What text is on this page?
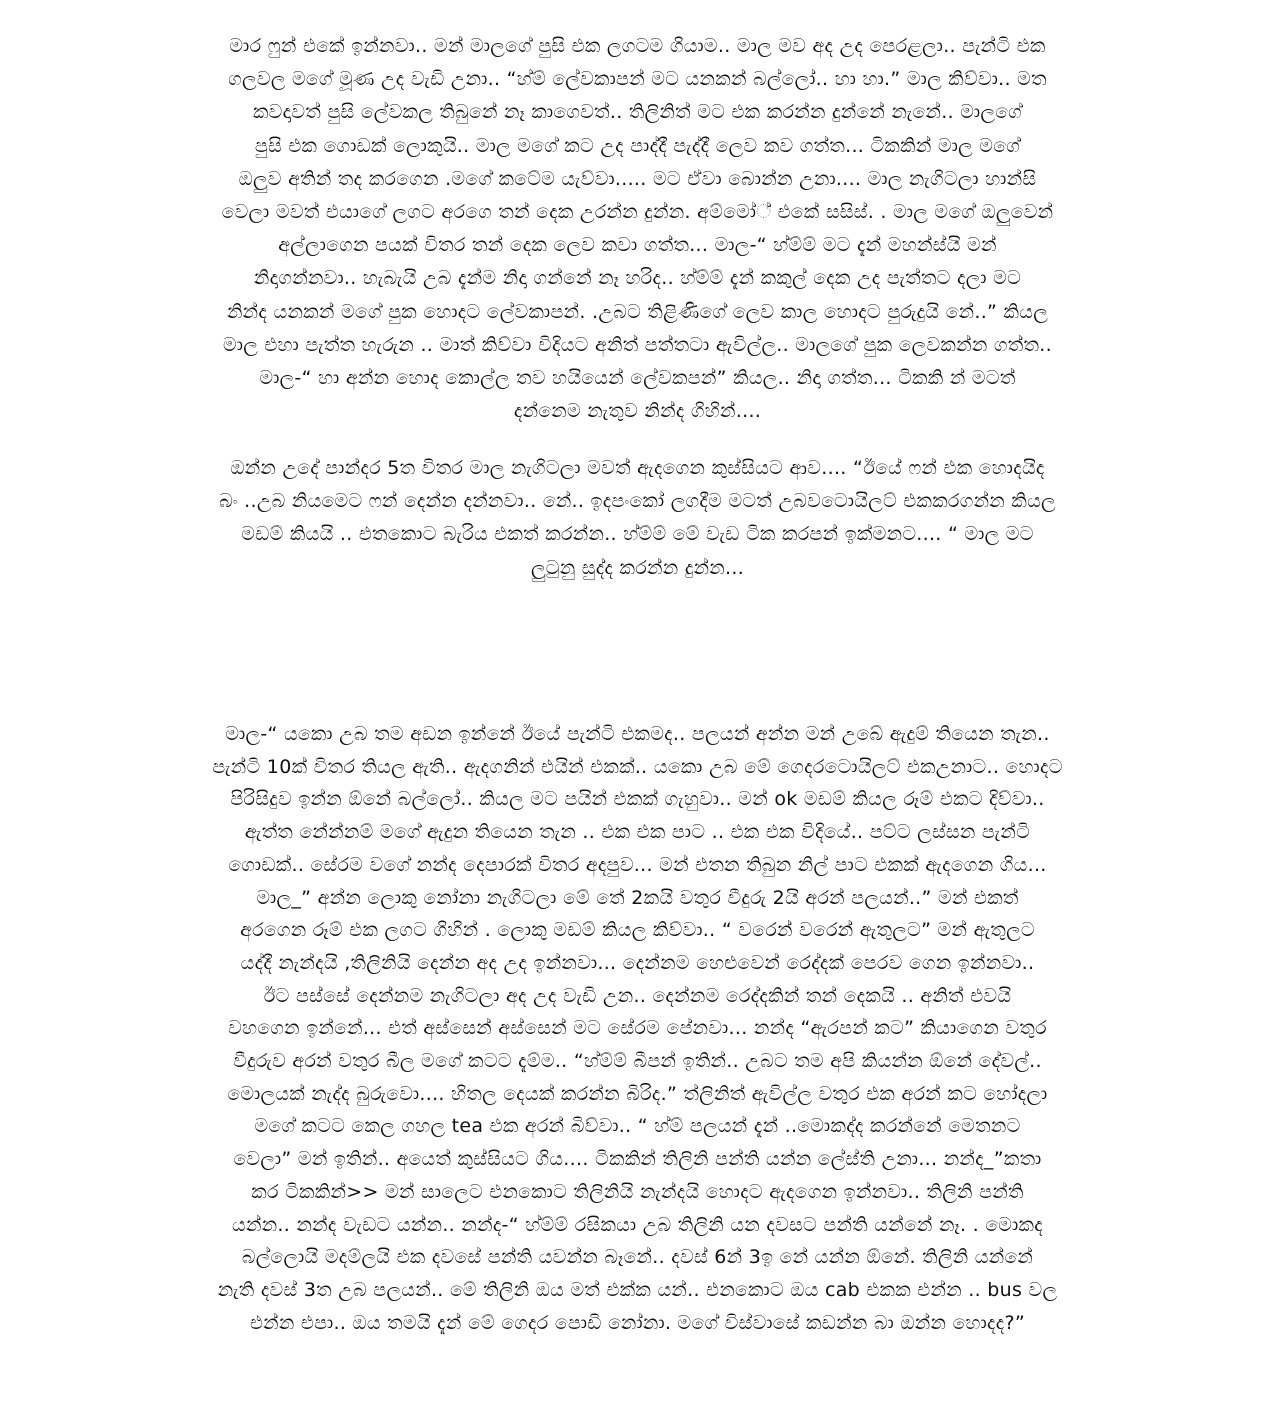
මාර ෆුන් එකේ ඉන්නවා.. මන් මාලගේ පුසි එක ලගටම ගියාම.. මාල මව අද උද පෙරළලා.. පැන්ටි එක
ගලවල මගේ මූණ උද වැඩි උනා.. “හ්ම් ලේවකාපන් මට යනකන් බල්ලෝ.. හා හා.” මාල කිව්වා.. මත
කවදාවත් පුසි ලේවකල තිබුනේ නෑ කාගෙවත්.. තිලිනිත් මට එක කරන්න දුන්නේ නැනේ.. මාලගේ
පුසි එක ගොඩක් ලොකුයි.. මාල මගේ කට උද පාද්දී පැද්දී ලෙව කව ගත්ත... ටිකකින් මාල මගේ
ඔලුව අතින් තද කරගෙන .මගේ කටේම යැව්වා..... මට ඒවා බොන්න උනා.... මාල නැගිටලා හාන්සි
වෙලා මවත් එයාගේ ලගට අරගෙ තන් දෙක උරන්න දුන්න. අම්මෝ් එකේ සසිස්. . මාල මගේ ඔලුවෙන්
අල්ලාගෙන පයක් විතර තන් දෙක ලෙව කවා ගත්ත... මාල-“ හ්ම්ම් මට දැන් මහන්ස්යි මන්
නිදාගන්නවා.. හැබැයි උබ දැන්ම නිදා ගන්නේ නෑ හරිද.. හ්ම්ම් දැන් කකුල් දෙක උද පැත්තට දලා මට
නින්ද යනකන් මගේ පුක හොදට ලේවකාපන්. .උබට තිළිණිගේ ලෙව කාල හොදට පුරුදුයි නේ..” කියල
මාල එහා පැත්ත හැරුන .. මාත් කිව්වා විදියට අනිත් පත්තටා ඇවිල්ල.. මාලගේ පුක ලෙවකන්න ගත්ත..
මාල-“ හා අන්න හොද කොල්ල තව හයියෙන් ලේවකපන්” කියල.. නිදා ගත්ත... ටිකකි න් මටත්
දන්නෙම නැතුව නින්ද ගිහින්....
ඔන්න උදේ පාන්දර 5ත විතර මාල නැගිටලා මවත් ඇදගෙන කුස්සියට ආව.... “ඊයේ ෆන් එක හොදයිද
බං ..උබ නියමෙට ෆන් දෙන්න දන්නවා.. නේ.. ඉදපංකෝ ලගදීම මටත් උබවටොයිලට් එකකරගන්න කියල
මඩම් කියයි .. එතකොට බැරිය එකත් කරන්න.. හ්ම්ම් මේ වැඩ ටික කරපන් ඉක්මනට.... “ මාල මට
ලුටුනු සුද්ද කරන්න දුන්න...
මාල-“ යකො උබ තම අඩන ඉන්නේ ඊයේ පැන්ටි එකමද.. පලයන් අන්න මන් උබේ ඇදුම් තියෙන තැන..
පැන්ටි 10ක් විතර තියල ඇති.. ඇදගනින් එයින් එකක්.. යකො උබ මේ ගෙදරටොයිලට් එකඋනාට.. හොදට
පිරිසිදුව ඉන්න ඕනේ බල්ලෝ.. කියල මට පයින් එකක් ගැහුවා.. මන් ok මඩම් කියල රූම් එකට දිව්වා..
ඇත්ත නේන්නම් මගේ ඇදුන තියෙන තැන .. එක එක පාට .. එක එක විදියේ.. පට්ට ලස්සන පැන්ටි
ගොඩක්.. සේරම වගේ නන්ද දෙපාරක් විතර අදපුව... මන් එතන තිබුන නිල් පාට එකක් ඇදගෙන ගිය...
මාල_” අන්න ලොකු නෝනා නැගිටලා මේ තේ 2කයි වතුර වීදුරු 2යි අරන් පලයන්..” මන් එකත්
අරගෙන රූම් එක ලගට ගිහින් . ලොකු මඩම් කියල කිව්වා.. “ වරෙන් වරෙන් ඇතුලට” මන් ඇතුලට
යද්දී නැන්දයි ,තිලිනියි දෙන්න අද උද ඉන්නවා... දෙන්නම හෙළුවෙන් රෙද්දක් පෙරව ගෙන ඉන්නවා..
ඊට පස්සේ දෙන්නම නැගිටලා අද උද වැඩි උන.. දෙන්නම රෙද්දකින් තන් දෙකයි .. අනිත් එවයි
වහගෙන ඉන්නේ... එත් අස්සෙන් අස්සෙන් මට සේරම පේනවා... නන්ද “ඇරපන් කට” කියාගෙන වතුර
වීදුරුව අරන් වතුර බීල මගේ කටට දැම්ම.. “හ්ම්ම් බීපන් ඉතින්.. උබට තම අපි කියන්න ඕනේ දේවල්..
මොලයක් නැද්ද බුරුවො.... හිතල දෙයක් කරන්න බිරිද.” ත්ලිනිත් ඇවිල්ල වතුර එක අරන් කට හෝදලා
මගේ කටට කෙල ගහල tea එක අරන් බිව්වා.. “ හ්ම් පලයන් දැන් ..මොකද්ද කරන්නේ මෙතනට
වෙලා” මන් ඉතින්.. අයෙත් කුස්සියට ගිය.... ටිකකින් තිලිනි පන්ති යන්න ලේස්ති උනා... නන්ද_”කතා
කර ටිකකින්>> මන් සාලෙට එනකොට තිලිනියි නැන්දයි හොදට ඇදගෙන ඉන්නවා.. තිලිනි පන්ති
යන්න.. නන්ද වැඩට යන්න.. නන්ද-“ හ්ම්ම් රසිකයා උබ තිලිනි යන දවසට පන්ති යන්නේ නෑ. . මොකද
බල්ලොයි මදම්ලයි එක දවසේ පන්ති යවන්න බෑනේ.. දවස් 6න් 3ඉ නේ යන්න ඕනේ. තිලිනි යන්නේ
නැති දවස් 3ත උබ පලයන්.. මේ තිලිනි ඔය මත් එක්ක යන්.. එනකොට ඔය cab එකක එන්න .. bus වල
එන්න එපා.. ඔය තමයි දැන් මේ ගෙදර පොඩි නෝනා. මගේ විස්වාසේ කඩන්න බා ඔන්න හොදද?”
